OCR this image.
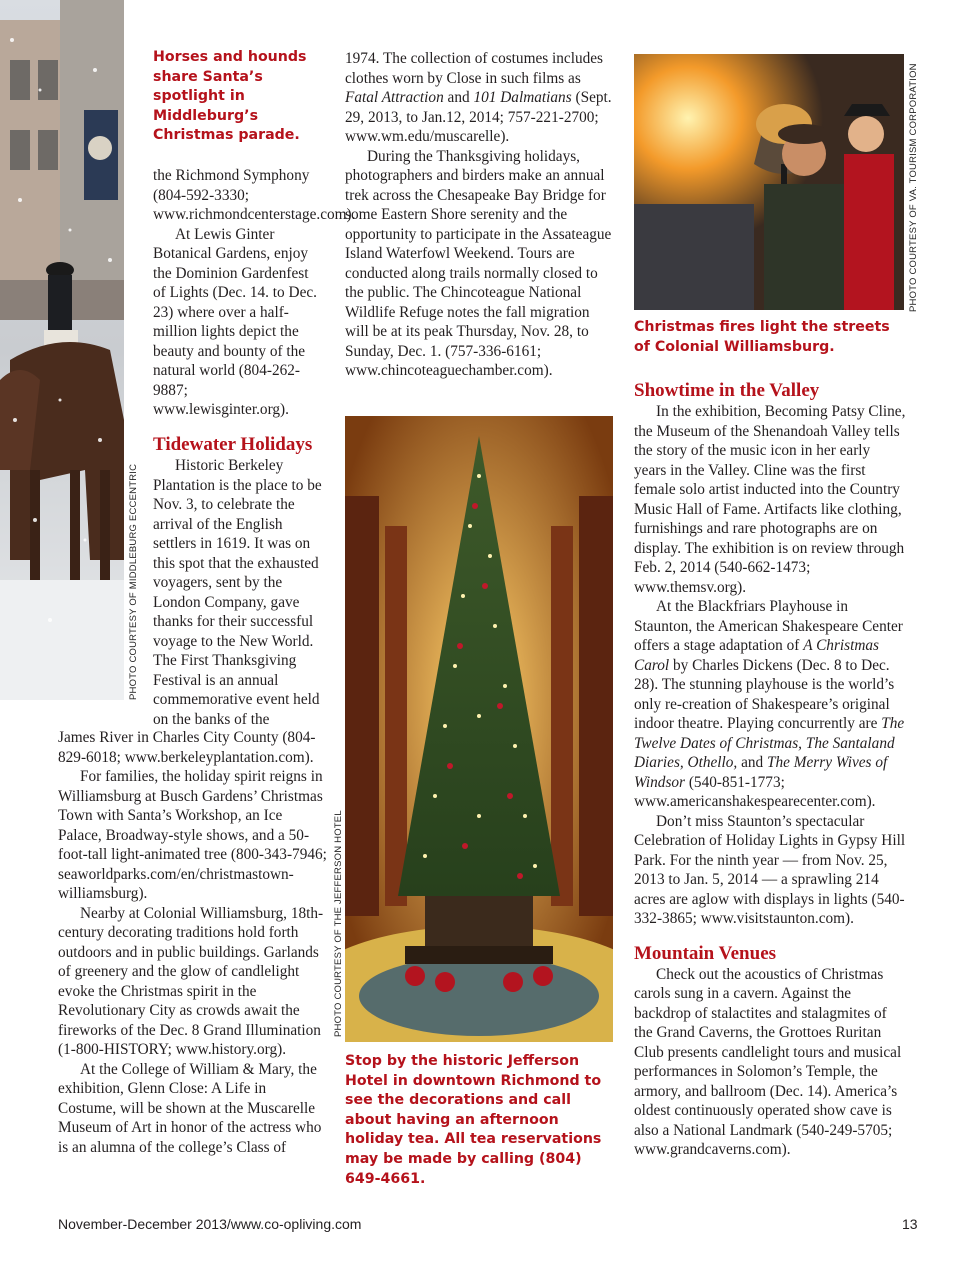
PHOTO COURTESY OF MIDDLEBURG ECCENTRIC

Horses and hounds share Santa’s spotlight in Middleburg’s Christmas parade.

the Richmond Symphony (804-592-3330; www.richmondcenterstage.com).

At Lewis Ginter Botanical Gardens, enjoy the Dominion Gardenfest of Lights (Dec. 14. to Dec. 23) where over a half-million lights depict the beauty and bounty of the natural world (804-262-9887; www.lewisginter.org).

Tidewater Holidays

Historic Berkeley Plantation is the place to be Nov. 3, to celebrate the arrival of the English settlers in 1619. It was on this spot that the exhausted voyagers, sent by the London Company, gave thanks for their successful voyage to the New World. The First Thanksgiving Festival is an annual commemorative event held on the banks of the

James River in Charles City County (804-829-6018; www.berkeleyplantation.com).

For families, the holiday spirit reigns in Williamsburg at Busch Gardens’ Christmas Town with Santa’s Workshop, an Ice Palace, Broadway-style shows, and a 50-foot-tall light-animated tree (800-343-7946; seaworldparks.com/en/christmastown-williamsburg).

Nearby at Colonial Williamsburg, 18th-century decorating traditions hold forth outdoors and in public buildings. Garlands of greenery and the glow of candlelight evoke the Christmas spirit in the Revolutionary City as crowds await the fireworks of the Dec. 8 Grand Illumination (1-800-HISTORY; www.history.org).

At the College of William & Mary, the exhibition, Glenn Close: A Life in Costume, will be shown at the Muscarelle Museum of Art in honor of the actress who is an alumna of the college’s Class of

1974. The collection of costumes includes clothes worn by Close in such films as Fatal Attraction and 101 Dalmatians (Sept. 29, 2013, to Jan.12, 2014; 757-221-2700; www.wm.edu/muscarelle).

During the Thanksgiving holidays, photographers and birders make an annual trek across the Chesapeake Bay Bridge for some Eastern Shore serenity and the opportunity to participate in the Assateague Island Waterfowl Weekend. Tours are conducted along trails normally closed to the public. The Chincoteague National Wildlife Refuge notes the fall migration will be at its peak Thursday, Nov. 28, to Sunday, Dec. 1. (757-336-6161; www.chincoteaguechamber.com).

PHOTO COURTESY OF THE JEFFERSON HOTEL

Stop by the historic Jefferson Hotel in downtown Richmond to see the decorations and call about having an afternoon holiday tea. All tea reservations may be made by calling (804) 649-4661.

PHOTO COURTESY OF VA. TOURISM CORPORATION

Christmas fires light the streets of Colonial Williamsburg.

Showtime in the Valley

In the exhibition, Becoming Patsy Cline, the Museum of the Shenandoah Valley tells the story of the music icon in her early years in the Valley. Cline was the first female solo artist inducted into the Country Music Hall of Fame. Artifacts like clothing, furnishings and rare photographs are on display. The exhibition is on review through Feb. 2, 2014 (540-662-1473; www.themsv.org).

At the Blackfriars Playhouse in Staunton, the American Shakespeare Center offers a stage adaptation of A Christmas Carol by Charles Dickens (Dec. 8 to Dec. 28). The stunning playhouse is the world’s only re-creation of Shakespeare’s original indoor theatre. Playing concurrently are The Twelve Dates of Christmas, The Santaland Diaries, Othello, and The Merry Wives of Windsor (540-851-1773; www.americanshakespearecenter.com).

Don’t miss Staunton’s spectacular Celebration of Holiday Lights in Gypsy Hill Park. For the ninth year — from Nov. 25, 2013 to Jan. 5, 2014 — a sprawling 214 acres are aglow with displays in lights (540-332-3865; www.visitstaunton.com).

Mountain Venues

Check out the acoustics of Christmas carols sung in a cavern. Against the backdrop of stalactites and stalagmites of the Grand Caverns, the Grottoes Ruritan Club presents candlelight tours and musical performances in Solomon’s Temple, the armory, and ballroom (Dec. 14). America’s oldest continuously operated show cave is also a National Landmark (540-249-5705; www.grandcaverns.com).

November-December 2013/www.co-opliving.com	13
